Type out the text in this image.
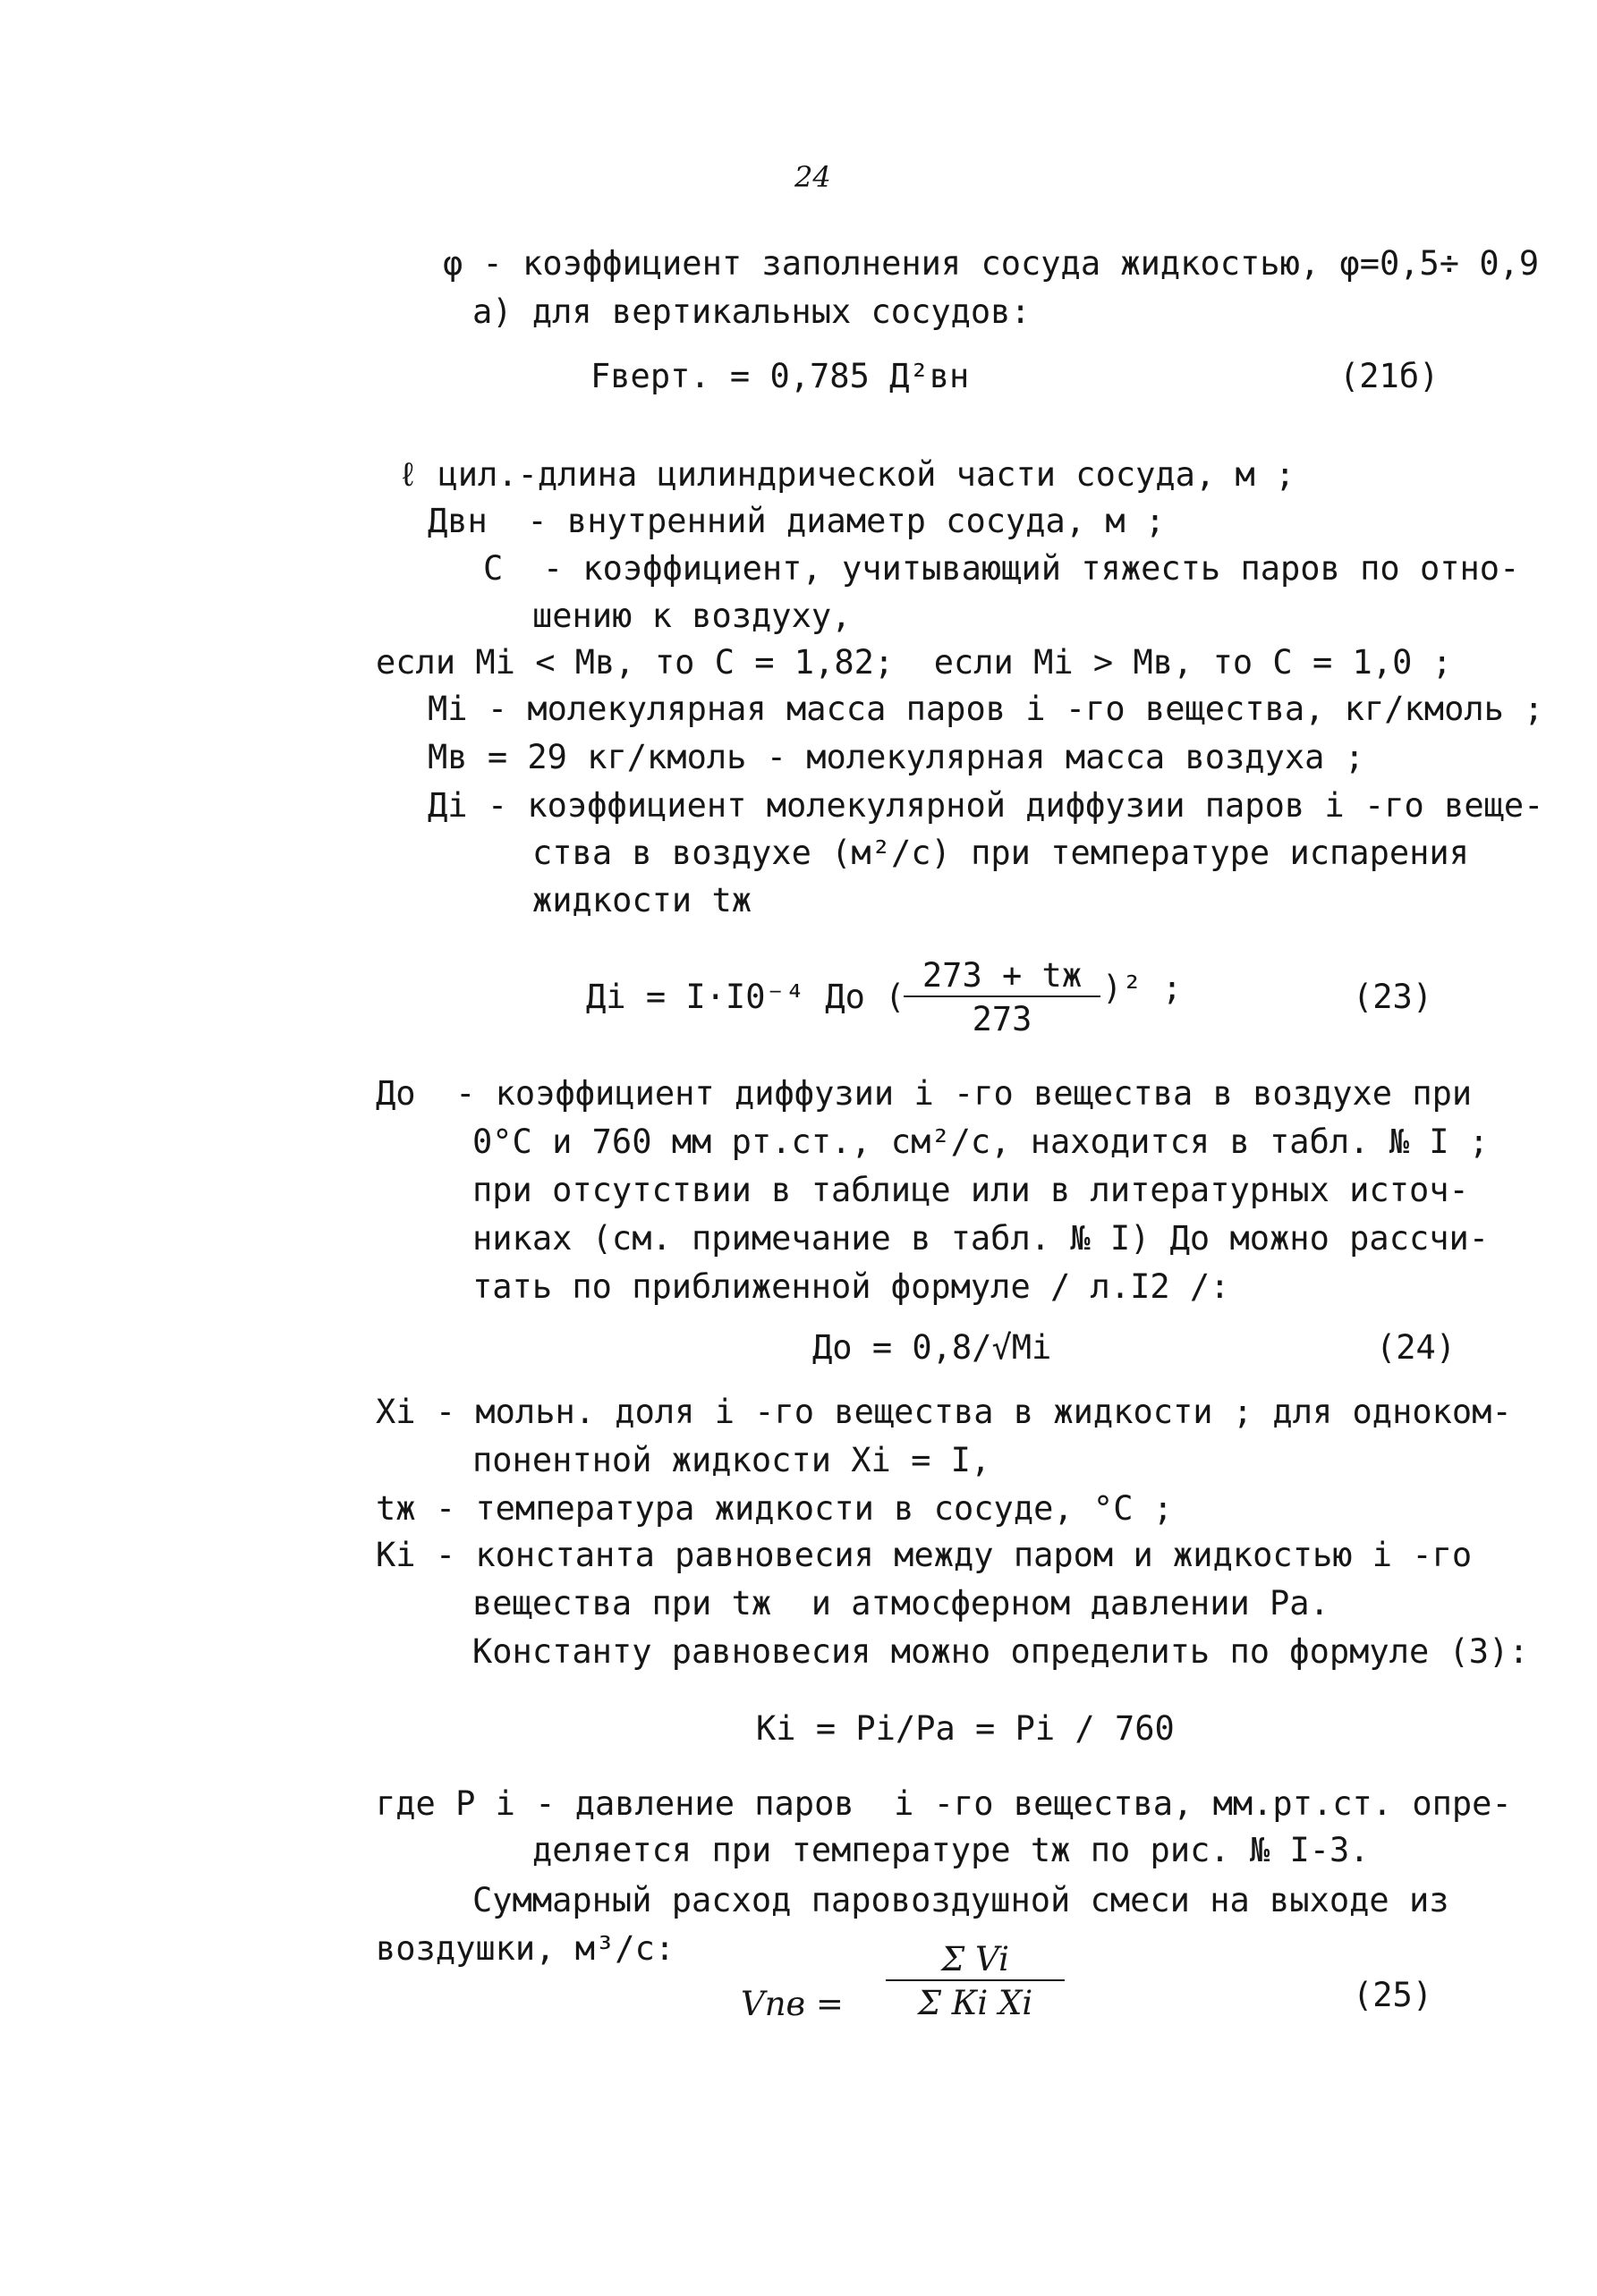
24
φ - коэффициент заполнения сосуда жидкостью, φ=0,5÷ 0,9
а) для вертикальных сосудов:
Fверт. = 0,785 Д²вн	(21б)
ℓ цил.-длина цилиндрической части сосуда, м ;
Двн  - внутренний диаметр сосуда, м ;
С  - коэффициент, учитывающий тяжесть паров по отно-
шению к воздуху,
если Мi < Мв, то С = 1,82;  если Мi > Мв, то С = 1,0 ;
Мi - молекулярная масса паров i -го вещества, кг/кмоль ;
Мв = 29 кг/кмоль - молекулярная масса воздуха ;
Дi - коэффициент молекулярной диффузии паров i -го веще-
ства в воздухе (м²/с) при температуре испарения
жидкости tж
Дi = I·I0⁻⁴ До (
273 + tж
273
)² ;	(23)
До  - коэффициент диффузии i -го вещества в воздухе при
0°С и 760 мм рт.ст., см²/с, находится в табл. № I ;
при отсутствии в таблице или в литературных источ-
никах (см. примечание в табл. № I) До можно рассчи-
тать по приближенной формуле / л.I2 /:
До = 0,8/√Мi	(24)
Xi - мольн. доля i -го вещества в жидкости ; для одноком-
понентной жидкости Xi = I,
tж - температура жидкости в сосуде, °С ;
Кi - константа равновесия между паром и жидкостью i -го
вещества при tж  и атмосферном давлении Ра.
Константу равновесия можно определить по формуле (3):
Кi = Рi/Ра = Рi / 760
где Р i - давление паров  i -го вещества, мм.рт.ст. опре-
деляется при температуре tж по рис. № I-3.
Суммарный расход паровоздушной смеси на выходе из
воздушки, м³/с:
Vпв =
Σ Vi
Σ Кi Xi	(25)
